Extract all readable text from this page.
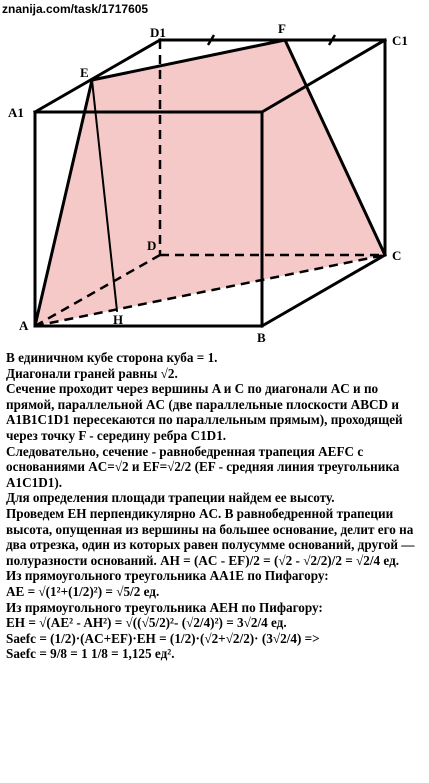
znanija.com/task/1717605
D1	F
C1
E
A1
D
C
A	H
B

В единичном кубе сторона куба = 1.

Диагонали граней равны √2.

Сечение проходит через вершины A и C по диагонали AC и по прямой, параллельной AC (две параллельные плоскости ABCD и A1B1C1D1 пересекаются по параллельным прямым), проходящей через точку F - середину ребра C1D1.

Следовательно, сечение - равнобедренная трапеция AEFC с основаниями AC=√2 и EF=√2/2 (EF - средняя линия треугольника A1C1D1).

Для определения площади трапеции найдем ее высоту.

Проведем EH перпендикулярно AC. В равнобедренной трапеции высота, опущенная из вершины на большее основание, делит его на два отрезка, один из которых равен полусумме оснований, другой — полуразности оснований. AH = (AC - EF)/2 = (√2 - √2/2)/2 = √2/4 ед.

Из прямоугольного треугольника AA1E по Пифагору:

AE = √(1²+(1/2)²) = √5/2 ед.

Из прямоугольного треугольника AEH по Пифагору:

EH = √(AE² - AH²) = √((√5/2)²- (√2/4)²) = 3√2/4 ед.

Saefc = (1/2)·(AC+EF)·EH = (1/2)·(√2+√2/2)· (3√2/4) =>

Saefc = 9/8 = 1 1/8 = 1,125 ед².
